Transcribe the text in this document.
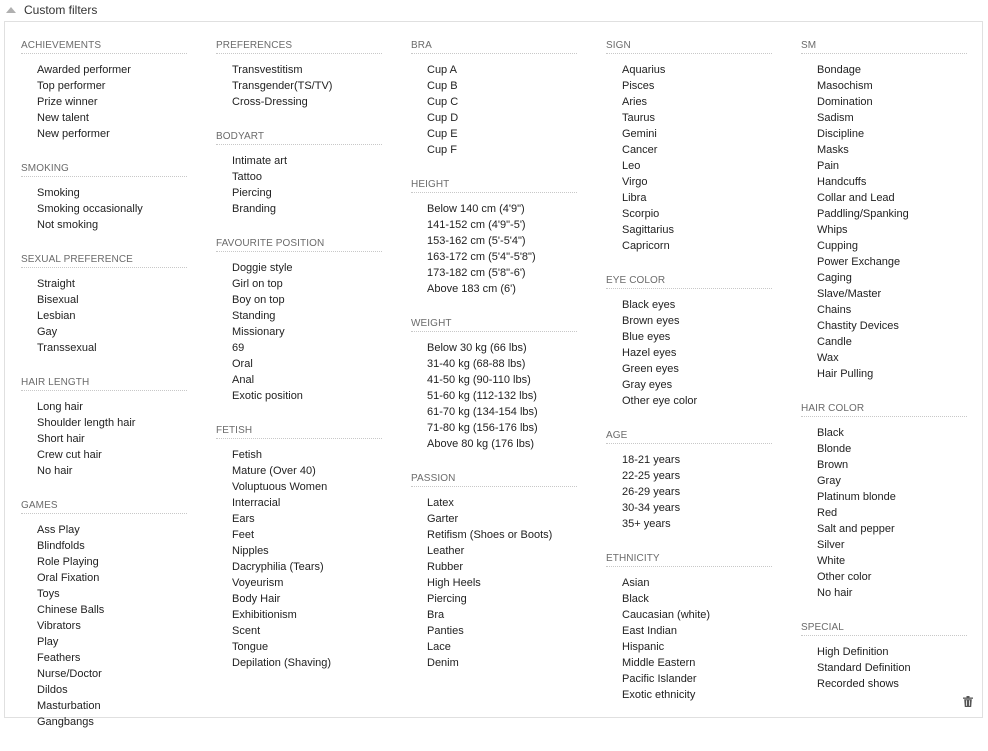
Custom filters
ACHIEVEMENTS
Awarded performer
Top performer
Prize winner
New talent
New performer
SMOKING
Smoking
Smoking occasionally
Not smoking
SEXUAL PREFERENCE
Straight
Bisexual
Lesbian
Gay
Transsexual
HAIR LENGTH
Long hair
Shoulder length hair
Short hair
Crew cut hair
No hair
GAMES
Ass Play
Blindfolds
Role Playing
Oral Fixation
Toys
Chinese Balls
Vibrators
Play
Feathers
Nurse/Doctor
Dildos
Masturbation
Gangbangs
PREFERENCES
Transvestitism
Transgender(TS/TV)
Cross-Dressing
BODYART
Intimate art
Tattoo
Piercing
Branding
FAVOURITE POSITION
Doggie style
Girl on top
Boy on top
Standing
Missionary
69
Oral
Anal
Exotic position
FETISH
Fetish
Mature (Over 40)
Voluptuous Women
Interracial
Ears
Feet
Nipples
Dacryphilia (Tears)
Voyeurism
Body Hair
Exhibitionism
Scent
Tongue
Depilation (Shaving)
BRA
Cup A
Cup B
Cup C
Cup D
Cup E
Cup F
HEIGHT
Below 140 cm (4'9")
141-152 cm (4'9"-5')
153-162 cm (5'-5'4")
163-172 cm (5'4"-5'8")
173-182 cm (5'8"-6')
Above 183 cm (6')
WEIGHT
Below 30 kg (66 lbs)
31-40 kg (68-88 lbs)
41-50 kg (90-110 lbs)
51-60 kg (112-132 lbs)
61-70 kg (134-154 lbs)
71-80 kg (156-176 lbs)
Above 80 kg (176 lbs)
PASSION
Latex
Garter
Retifism (Shoes or Boots)
Leather
Rubber
High Heels
Piercing
Bra
Panties
Lace
Denim
SIGN
Aquarius
Pisces
Aries
Taurus
Gemini
Cancer
Leo
Virgo
Libra
Scorpio
Sagittarius
Capricorn
EYE COLOR
Black eyes
Brown eyes
Blue eyes
Hazel eyes
Green eyes
Gray eyes
Other eye color
AGE
18-21 years
22-25 years
26-29 years
30-34 years
35+ years
ETHNICITY
Asian
Black
Caucasian (white)
East Indian
Hispanic
Middle Eastern
Pacific Islander
Exotic ethnicity
SM
Bondage
Masochism
Domination
Sadism
Discipline
Masks
Pain
Handcuffs
Collar and Lead
Paddling/Spanking
Whips
Cupping
Power Exchange
Caging
Slave/Master
Chains
Chastity Devices
Candle
Wax
Hair Pulling
HAIR COLOR
Black
Blonde
Brown
Gray
Platinum blonde
Red
Salt and pepper
Silver
White
Other color
No hair
SPECIAL
High Definition
Standard Definition
Recorded shows
